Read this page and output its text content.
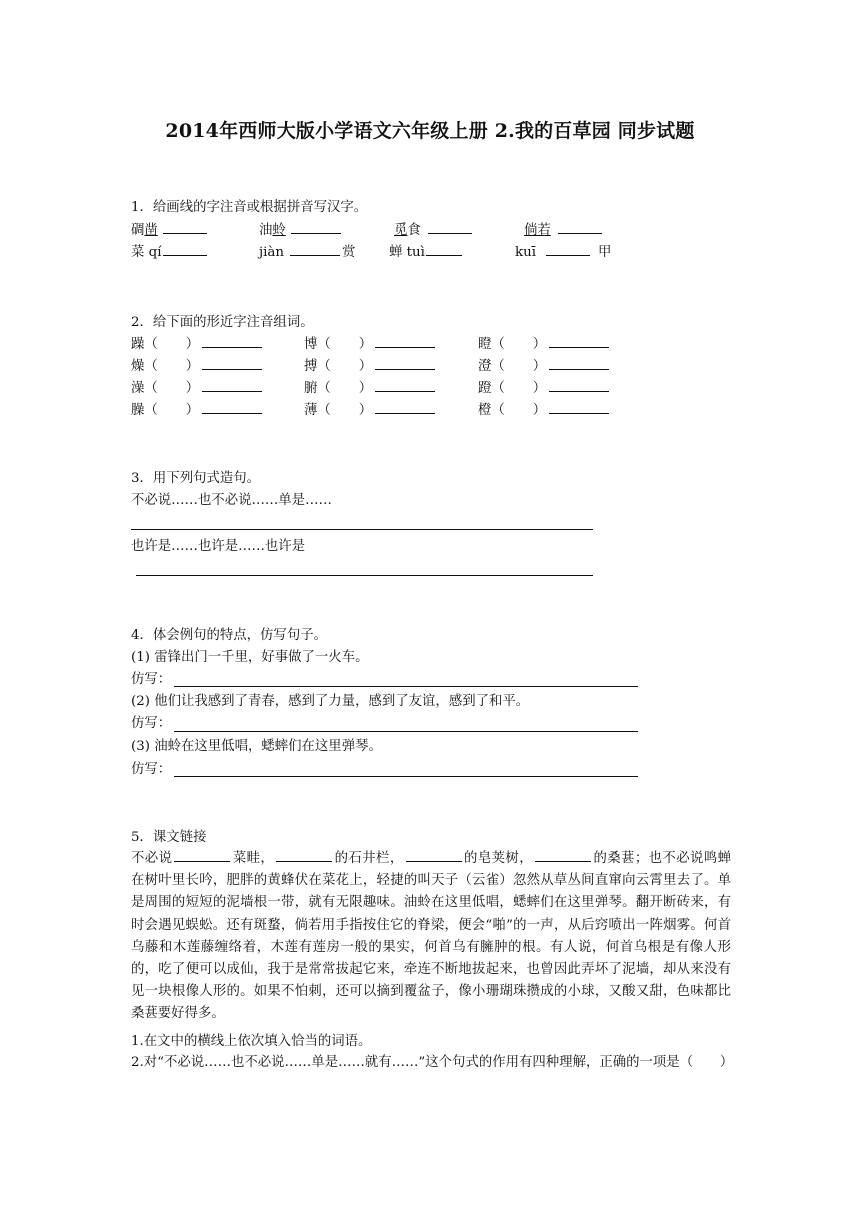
2014年西师大版小学语文六年级上册 2.我的百草园 同步试题
1．给画线的字注音或根据拼音写汉字。
碉凿	油蛉	觅食	倘若
菜 qí	jiàn	赏	蝉 tuì	kuī	甲
2．给下面的形近字注音组词。
躁（ ）	博（ ）	瞪（ ）
燥（ ）	搏（ ）	澄（ ）
澡（ ）	腑（ ）	蹬（ ）
臊（ ）	薄（ ）	橙（ ）
3．用下列句式造句。
不必说……也不必说……单是……
也许是……也许是……也许是
4．体会例句的特点，仿写句子。
(1) 雷锋出门一千里，好事做了一火车。
仿写：
(2) 他们让我感到了青春，感到了力量，感到了友谊，感到了和平。
仿写：
(3) 油蛉在这里低唱，蟋蟀们在这里弹琴。
仿写：
5．课文链接
不必说	菜畦，	的石井栏，	的皂荚树，	的桑葚；也不必说鸣蝉在树叶里长吟，肥胖的黄蜂伏在菜花上，轻捷的叫天子（云雀）忽然从草丛间直窜向云霄里去了。单是周围的短短的泥墙根一带，就有无限趣味。油蛉在这里低唱，蟋蟀们在这里弹琴。翻开断砖来，有时会遇见蜈蚣。还有斑蝥，倘若用手指按住它的脊梁，便会“啪”的一声，从后窍喷出一阵烟雾。何首乌藤和木莲藤缠络着，木莲有莲房一般的果实，何首乌有臃肿的根。有人说，何首乌根是有像人形的，吃了便可以成仙，我于是常常拔起它来，牵连不断地拔起来，也曾因此弄坏了泥墙，却从来没有见一块根像人形的。如果不怕刺，还可以摘到覆盆子，像小珊瑚珠攒成的小球，又酸又甜，色味都比桑葚要好得多。
1.在文中的横线上依次填入恰当的词语。
2.对“不必说……也不必说……单是……就有……”这个句式的作用有四种理解，正确的一项是（　　）
